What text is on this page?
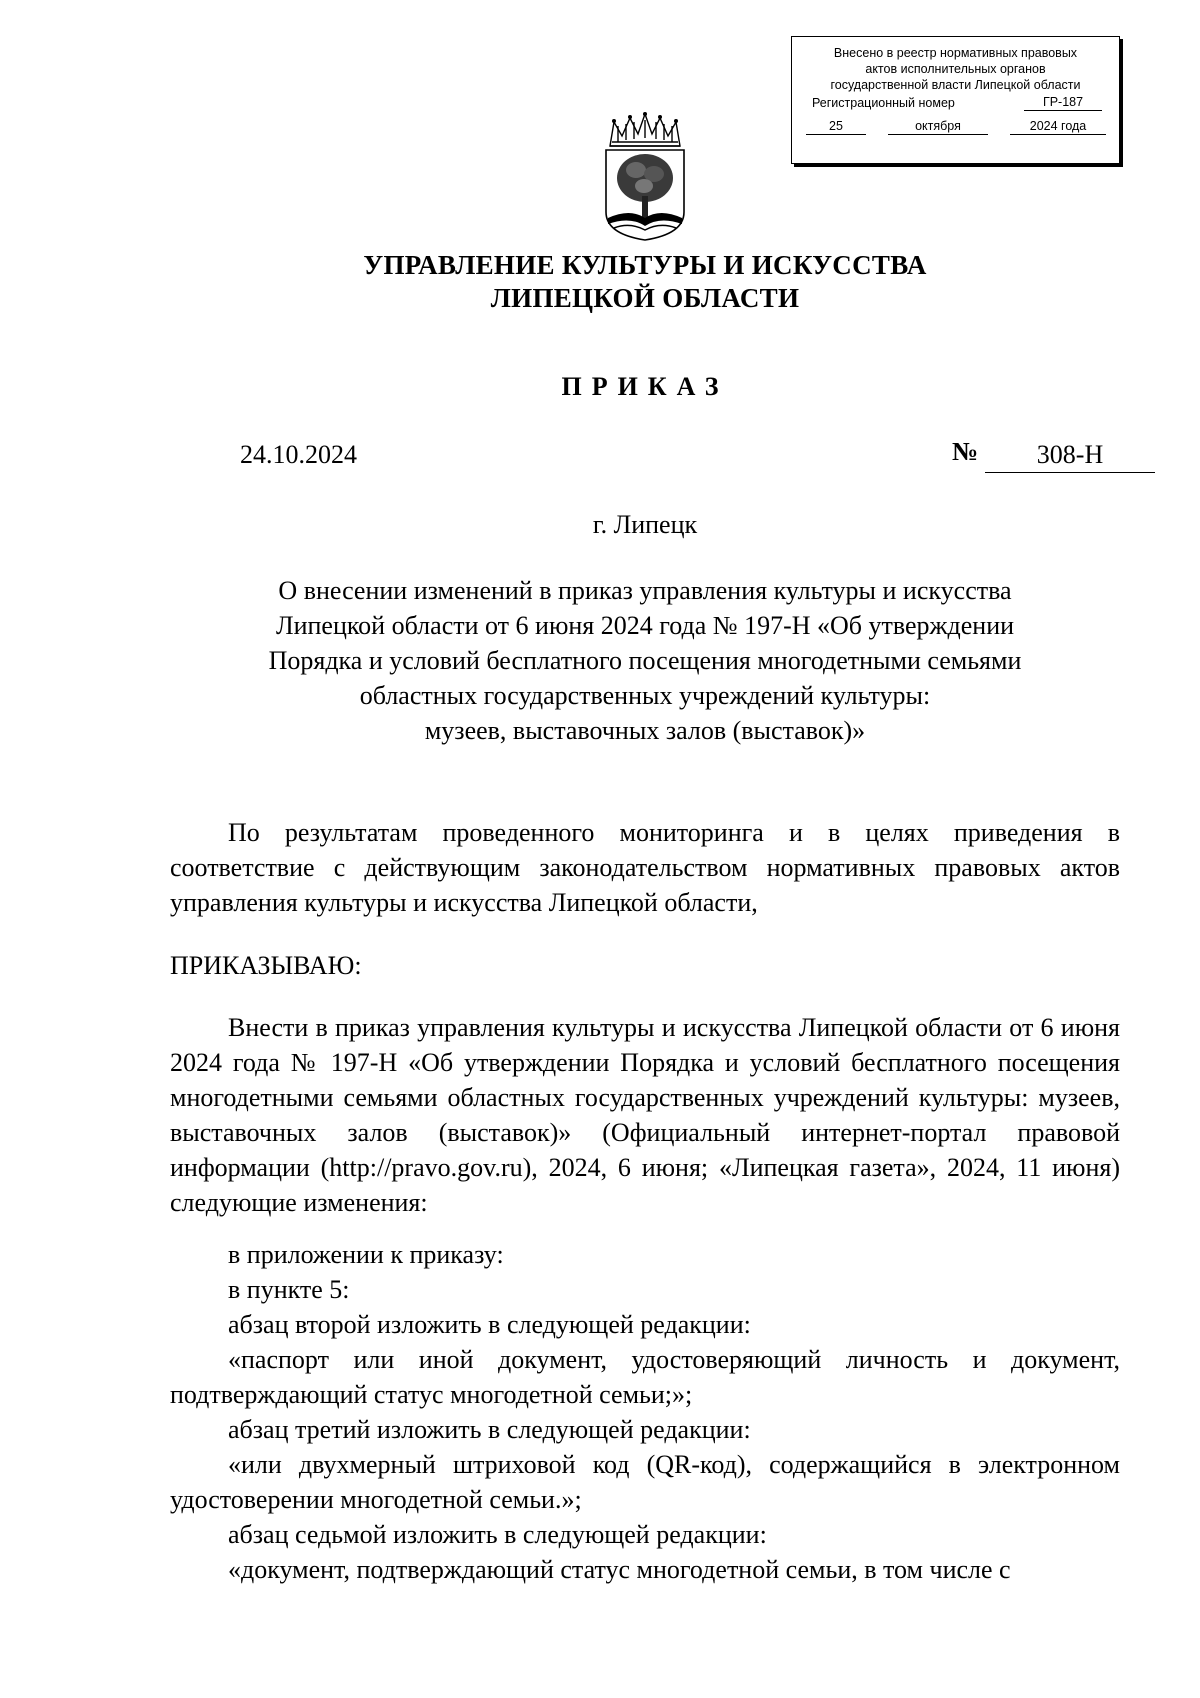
Внесено в реестр нормативных правовых
актов исполнительных органов
государственной власти Липецкой области
Регистрационный номер	ГР-187
25	октября	2024 года
УПРАВЛЕНИЕ КУЛЬТУРЫ И ИСКУССТВА
ЛИПЕЦКОЙ ОБЛАСТИ
ПРИКАЗ
24.10.2024	№	308-Н
г. Липецк
О внесении изменений в приказ управления культуры и искусства
Липецкой области от 6 июня 2024 года № 197-Н «Об утверждении
Порядка и условий бесплатного посещения многодетными семьями
областных государственных учреждений культуры:
музеев, выставочных залов (выставок)»

По результатам проведенного мониторинга и в целях приведения в соответствие с действующим законодательством нормативных правовых актов управления культуры и искусства Липецкой области,

ПРИКАЗЫВАЮ:

Внести в приказ управления культуры и искусства Липецкой области от 6 июня 2024 года № 197-Н «Об утверждении Порядка и условий бесплатного посещения многодетными семьями областных государственных учреждений культуры: музеев, выставочных залов (выставок)» (Официальный интернет-портал правовой информации (http://pravo.gov.ru), 2024, 6 июня; «Липецкая газета», 2024, 11 июня) следующие изменения:

в приложении к приказу:

в пункте 5:

абзац второй изложить в следующей редакции:

«паспорт или иной документ, удостоверяющий личность и документ, подтверждающий статус многодетной семьи;»;

абзац третий изложить в следующей редакции:

«или двухмерный штриховой код (QR-код), содержащийся в электронном удостоверении многодетной семьи.»;

абзац седьмой изложить в следующей редакции:

«документ, подтверждающий статус многодетной семьи, в том числе с
